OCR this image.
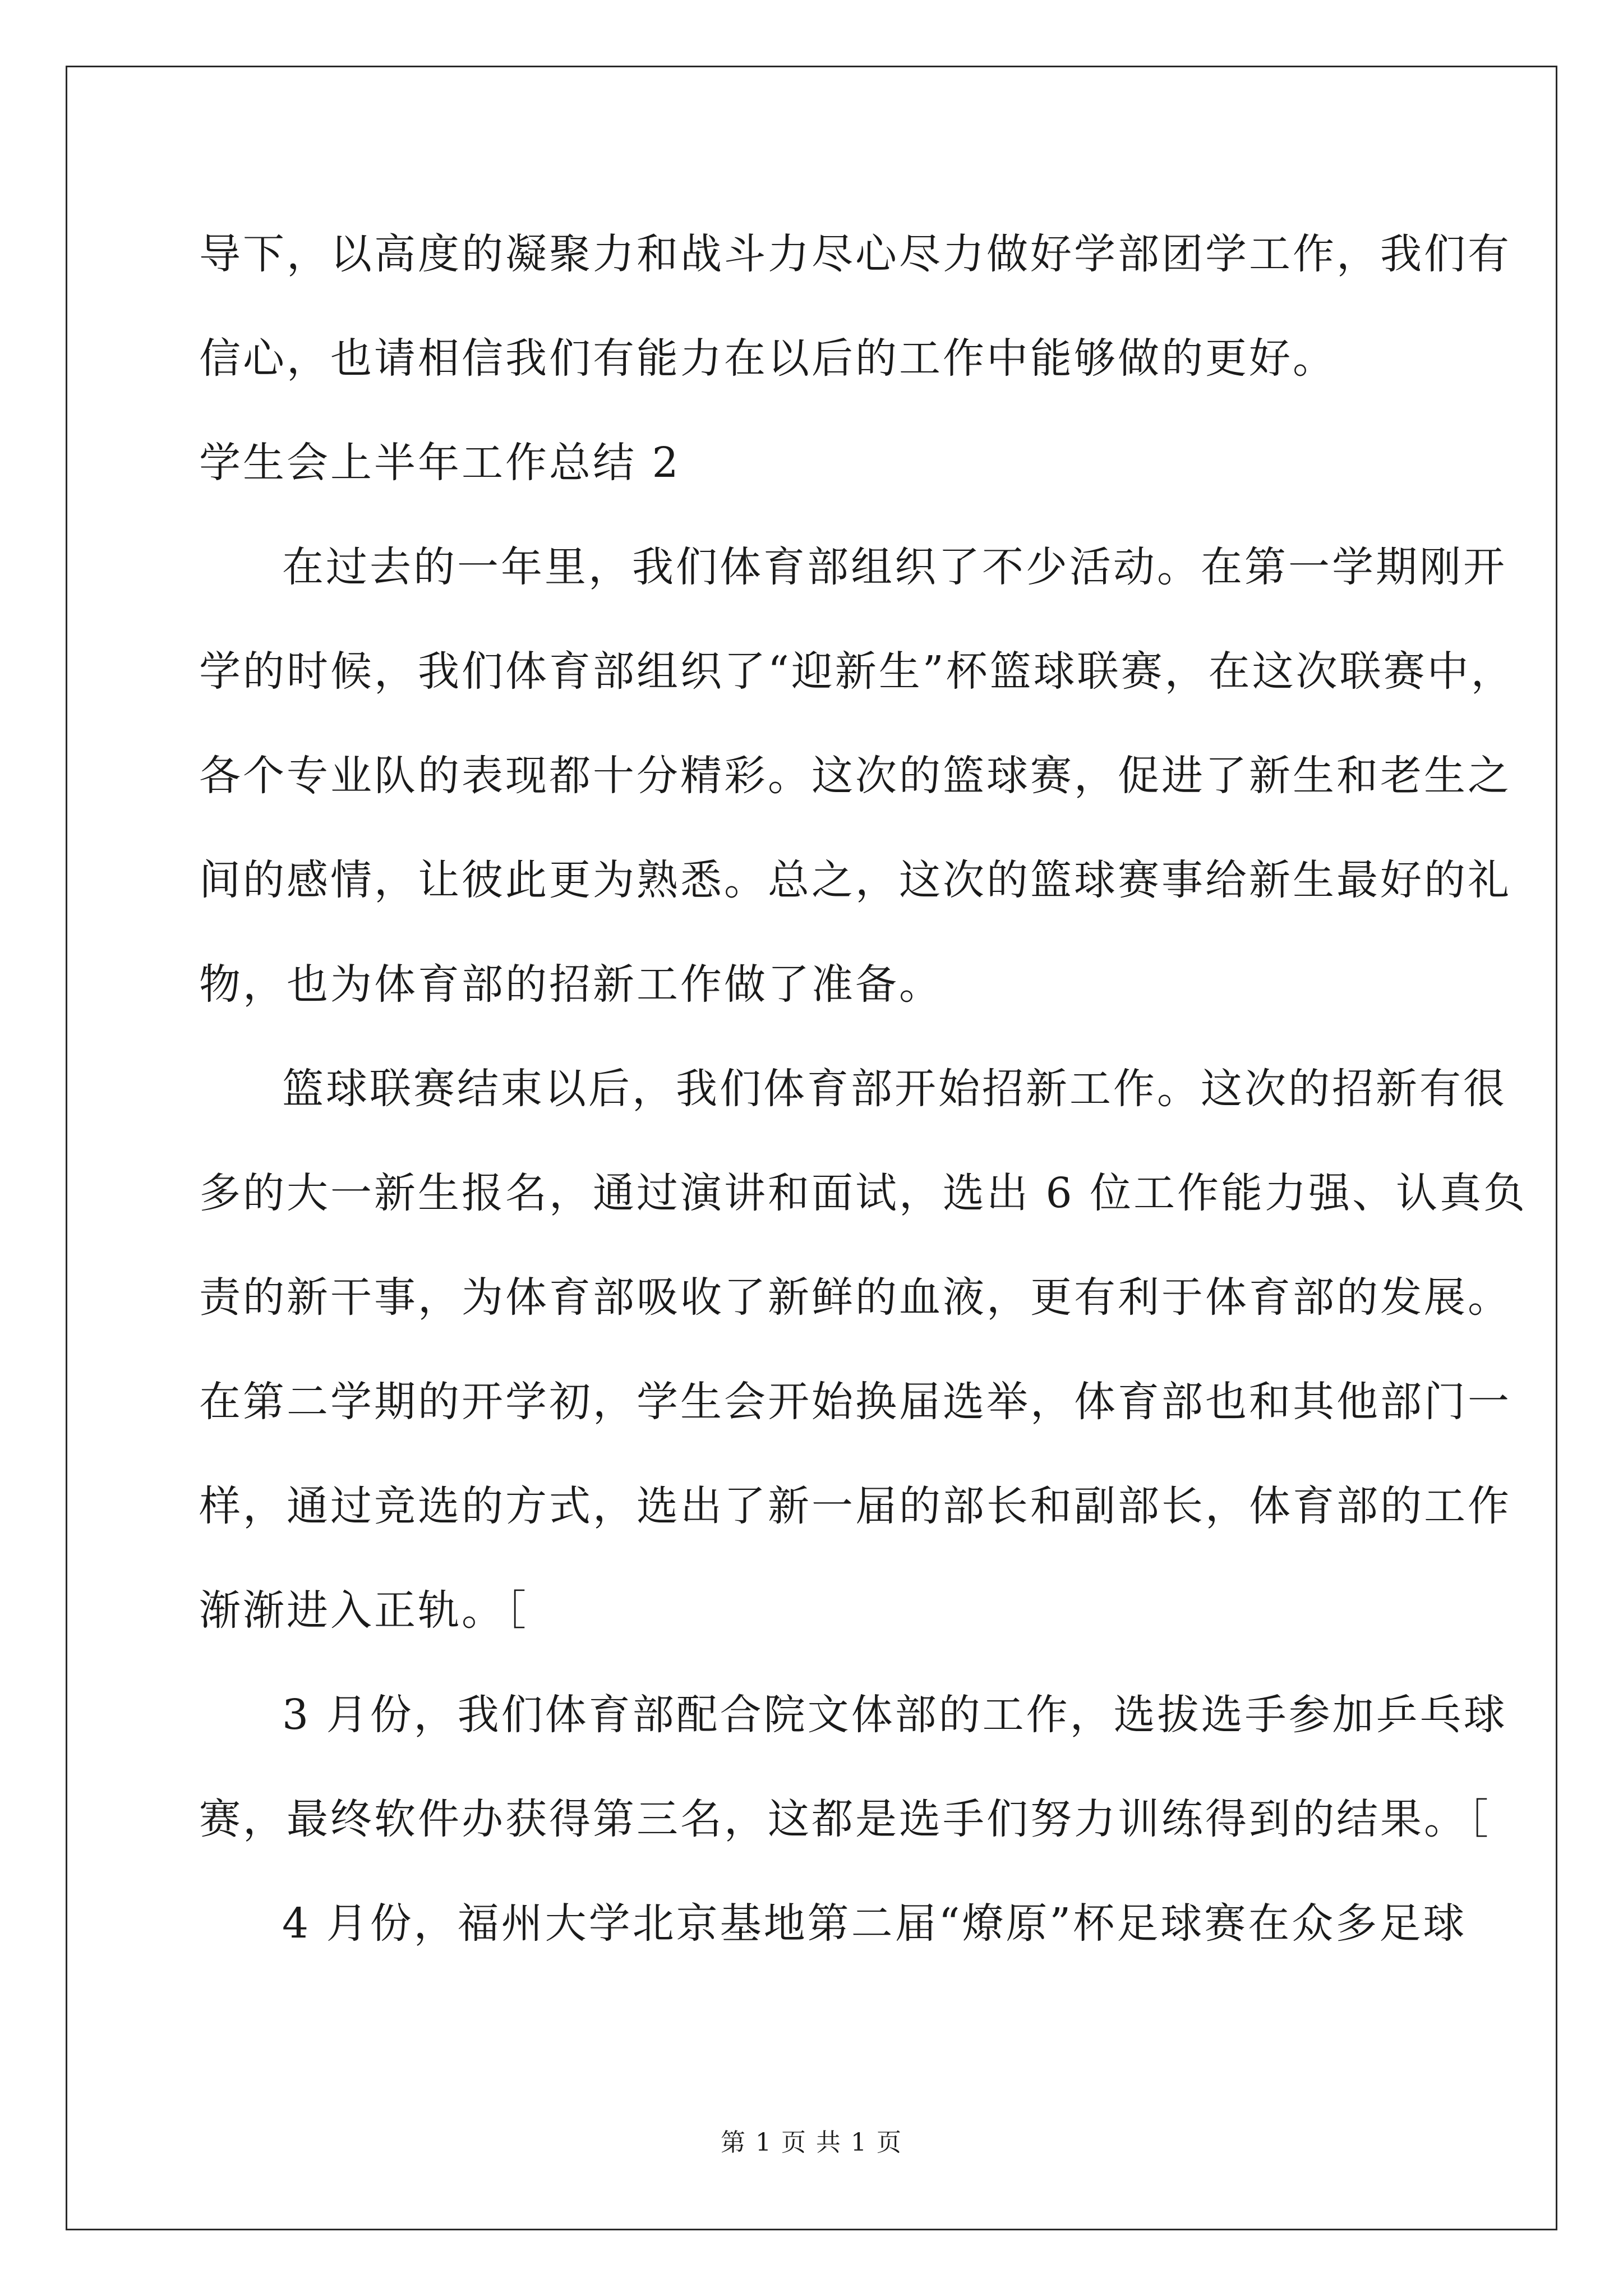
导下，以高度的凝聚力和战斗力尽心尽力做好学部团学工作，我们有
信心，也请相信我们有能力在以后的工作中能够做的更好。
学生会上半年工作总结 2
在过去的一年里，我们体育部组织了不少活动。在第一学期刚开
学的时候，我们体育部组织了“迎新生”杯篮球联赛，在这次联赛中，
各个专业队的表现都十分精彩。这次的篮球赛，促进了新生和老生之
间的感情，让彼此更为熟悉。总之，这次的篮球赛事给新生最好的礼
物，也为体育部的招新工作做了准备。
篮球联赛结束以后，我们体育部开始招新工作。这次的招新有很
多的大一新生报名，通过演讲和面试，选出 6 位工作能力强、认真负
责的新干事，为体育部吸收了新鲜的血液，更有利于体育部的发展。
在第二学期的开学初，学生会开始换届选举，体育部也和其他部门一
样，通过竞选的方式，选出了新一届的部长和副部长，体育部的工作
渐渐进入正轨。［
3 月份，我们体育部配合院文体部的工作，选拔选手参加乒乓球
赛，最终软件办获得第三名，这都是选手们努力训练得到的结果。［
4 月份，福州大学北京基地第二届“燎原”杯足球赛在众多足球
第 1 页 共 1 页
